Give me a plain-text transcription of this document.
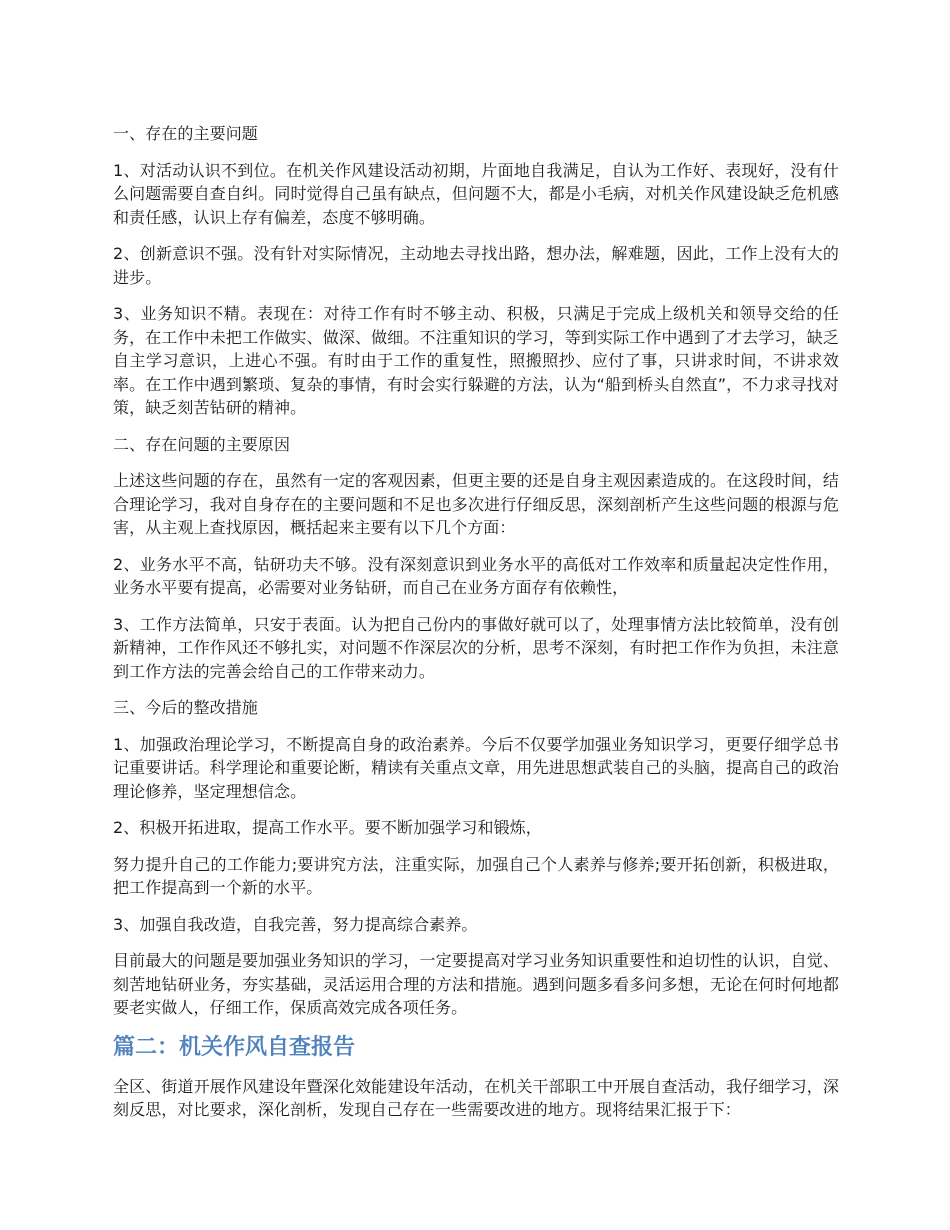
一、存在的主要问题

1、对活动认识不到位。在机关作风建设活动初期，片面地自我满足，自认为工作好、表现好，没有什么问题需要自查自纠。同时觉得自己虽有缺点，但问题不大，都是小毛病，对机关作风建设缺乏危机感和责任感，认识上存有偏差，态度不够明确。

2、创新意识不强。没有针对实际情况，主动地去寻找出路，想办法，解难题，因此，工作上没有大的进步。

3、业务知识不精。表现在：对待工作有时不够主动、积极，只满足于完成上级机关和领导交给的任务，在工作中未把工作做实、做深、做细。不注重知识的学习，等到实际工作中遇到了才去学习，缺乏自主学习意识，上进心不强。有时由于工作的重复性，照搬照抄、应付了事，只讲求时间，不讲求效率。在工作中遇到繁琐、复杂的事情，有时会实行躲避的方法，认为“船到桥头自然直”，不力求寻找对策，缺乏刻苦钻研的精神。

二、存在问题的主要原因

上述这些问题的存在，虽然有一定的客观因素，但更主要的还是自身主观因素造成的。在这段时间，结合理论学习，我对自身存在的主要问题和不足也多次进行仔细反思，深刻剖析产生这些问题的根源与危害，从主观上查找原因，概括起来主要有以下几个方面：

2、业务水平不高，钻研功夫不够。没有深刻意识到业务水平的高低对工作效率和质量起决定性作用，业务水平要有提高，必需要对业务钻研，而自己在业务方面存有依赖性，

3、工作方法简单，只安于表面。认为把自己份内的事做好就可以了，处理事情方法比较简单，没有创新精神，工作作风还不够扎实，对问题不作深层次的分析，思考不深刻，有时把工作作为负担，未注意到工作方法的完善会给自己的工作带来动力。

三、今后的整改措施

1、加强政治理论学习，不断提高自身的政治素养。今后不仅要学加强业务知识学习，更要仔细学总书记重要讲话。科学理论和重要论断，精读有关重点文章，用先进思想武装自己的头脑，提高自己的政治理论修养，坚定理想信念。

2、积极开拓进取，提高工作水平。要不断加强学习和锻炼，

努力提升自己的工作能力;要讲究方法，注重实际，加强自己个人素养与修养;要开拓创新，积极进取，把工作提高到一个新的水平。

3、加强自我改造，自我完善，努力提高综合素养。

目前最大的问题是要加强业务知识的学习，一定要提高对学习业务知识重要性和迫切性的认识，自觉、刻苦地钻研业务，夯实基础，灵活运用合理的方法和措施。遇到问题多看多问多想，无论在何时何地都要老实做人，仔细工作，保质高效完成各项任务。

篇二：机关作风自查报告

全区、街道开展作风建设年暨深化效能建设年活动，在机关干部职工中开展自查活动，我仔细学习，深刻反思，对比要求，深化剖析，发现自己存在一些需要改进的地方。现将结果汇报于下：
